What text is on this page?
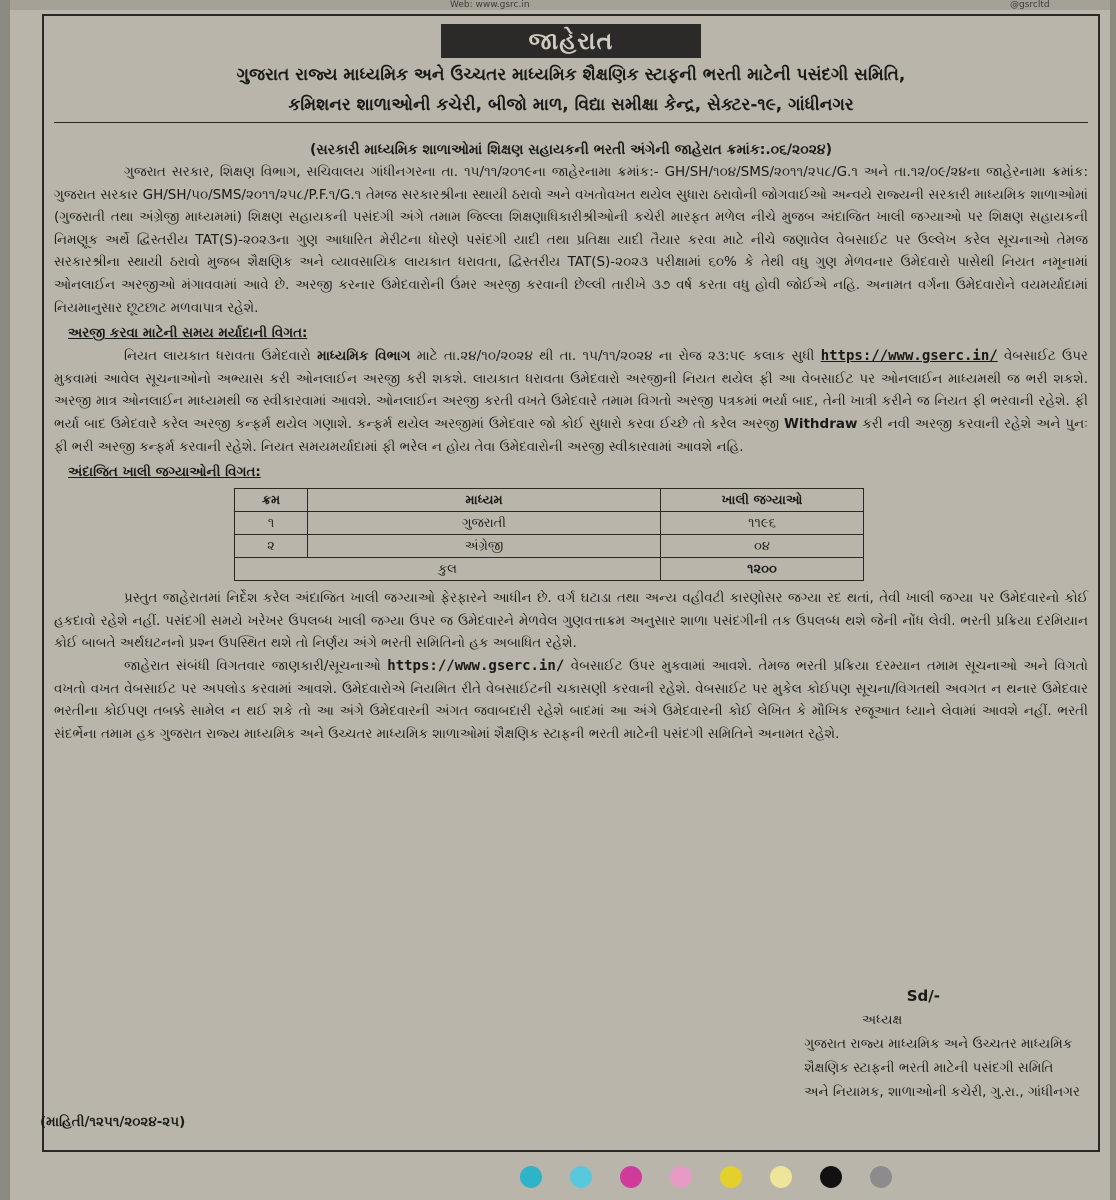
Web: www.gsrc.in	@gsrcltd
જાહેરાત
ગુજરાત રાજ્ય માધ્યમિક અને ઉચ્ચતર માધ્યમિક શૈક્ષણિક સ્ટાફની ભરતી માટેની પસંદગી સમિતિ,
કમિશનર શાળાઓની કચેરી, બીજો માળ, વિદ્યા સમીક્ષા કેન્દ્ર, સેક્ટર-૧૯, ગાંધીનગર
(સરકારી માધ્યમિક શાળાઓમાં શિક્ષણ સહાયકની ભરતી અંગેની જાહેરાત ક્રમાંક:.૦૬/૨૦૨૪)

ગુજરાત સરકાર, શિક્ષણ વિભાગ, સચિવાલય ગાંધીનગરના તા. ૧૫/૧૧/૨૦૧૯ના જાહેરનામા ક્રમાંક:- GH/SH/૧૦૪/SMS/૨૦૧૧/૨૫૮/G.૧ અને તા.૧૨/૦૯/૨૪ના જાહેરનામા ક્રમાંક: ગુજરાત સરકાર GH/SH/૫૦/SMS/૨૦૧૧/૨૫૮/P.F.૧/G.૧ તેમજ સરકારશ્રીના સ્થાયી ઠરાવો અને વખતોવખત થયેલ સુધારા ઠરાવોની જોગવાઈઓ અન્વયે રાજ્યની સરકારી માધ્યમિક શાળાઓમાં (ગુજરાતી તથા અંગ્રેજી માધ્યમમાં) શિક્ષણ સહાયકની પસંદગી અંગે તમામ જિલ્લા શિક્ષણાધિકારીશ્રીઓની કચેરી મારફત મળેલ નીચે મુજબ અંદાજિત ખાલી જગ્યાઓ પર શિક્ષણ સહાયકની નિમણૂક અર્થે દ્વિસ્તરીય TAT(S)-૨૦૨૩ના ગુણ આધારિત મેરીટના ધોરણે પસંદગી યાદી તથા પ્રતિક્ષા યાદી તૈયાર કરવા માટે નીચે જણાવેલ વેબસાઈટ પર ઉલ્લેખ કરેલ સૂચનાઓ તેમજ સરકારશ્રીના સ્થાયી ઠરાવો મુજબ શૈક્ષણિક અને વ્યાવસાયિક લાયકાત ધરાવતા, દ્વિસ્તરીય TAT(S)-૨૦૨૩ પરીક્ષામાં ૬૦% કે તેથી વધુ ગુણ મેળવનાર ઉમેદવારો પાસેથી નિયત નમૂનામાં ઓનલાઈન અરજીઓ મંગાવવામાં આવે છે. અરજી કરનાર ઉમેદવારોની ઉંમર અરજી કરવાની છેલ્લી તારીખે ૩૭ વર્ષ કરતા વધુ હોવી જોઈએ નહિ. અનામત વર્ગના ઉમેદવારોને વયમર્યાદામાં નિયમાનુસાર છૂટછાટ મળવાપાત્ર રહેશે.

અરજી કરવા માટેની સમય મર્યાદાની વિગત:

નિયત લાયકાત ધરાવતા ઉમેદવારો માધ્યમિક વિભાગ માટે તા.૨૪/૧૦/૨૦૨૪ થી તા. ૧૫/૧૧/૨૦૨૪ ના રોજ ૨૩:૫૯ કલાક સુધી https://www.gserc.in/ વેબસાઈટ ઉપર મુકવામાં આવેલ સૂચનાઓનો અભ્યાસ કરી ઓનલાઈન અરજી કરી શકશે. લાયકાત ધરાવતા ઉમેદવારો અરજીની નિયત થયેલ ફી આ વેબસાઈટ પર ઓનલાઈન માધ્યમથી જ ભરી શકશે. અરજી માત્ર ઓનલાઈન માધ્યમથી જ સ્વીકારવામાં આવશે. ઓનલાઈન અરજી કરતી વખતે ઉમેદવારે તમામ વિગતો અરજી પત્રકમાં ભર્યા બાદ, તેની ખાત્રી કરીને જ નિયત ફી ભરવાની રહેશે. ફી ભર્યા બાદ ઉમેદવારે કરેલ અરજી કન્ફર્મ થયેલ ગણાશે. કન્ફર્મ થયેલ અરજીમાં ઉમેદવાર જો કોઈ સુધારો કરવા ઈચ્છે તો કરેલ અરજી Withdraw કરી નવી અરજી કરવાની રહેશે અને પુનઃ ફી ભરી અરજી કન્ફર્મ કરવાની રહેશે. નિયત સમયમર્યાદામાં ફી ભરેલ ન હોય તેવા ઉમેદવારોની અરજી સ્વીકારવામાં આવશે નહિ.

અંદાજિત ખાલી જગ્યાઓની વિગત:
ક્રમ	માધ્યમ	ખાલી જગ્યાઓ
૧	ગુજરાતી	૧૧૯૬
૨	અંગ્રેજી	૦૪
કુલ		૧૨૦૦

પ્રસ્તુત જાહેરાતમાં નિર્દેશ કરેલ અંદાજિત ખાલી જગ્યાઓ ફેરફારને આધીન છે. વર્ગ ઘટાડા તથા અન્ય વહીવટી કારણોસર જગ્યા રદ થતાં, તેવી ખાલી જગ્યા પર ઉમેદવારનો કોઈ હકદાવો રહેશે નહીં. પસંદગી સમયે ખરેખર ઉપલબ્ધ ખાલી જગ્યા ઉપર જ ઉમેદવારને મેળવેલ ગુણવત્તાક્રમ અનુસાર શાળા પસંદગીની તક ઉપલબ્ધ થશે જેની નોંધ લેવી. ભરતી પ્રક્રિયા દરમિયાન કોઈ બાબતે અર્થઘટનનો પ્રશ્ન ઉપસ્થિત થશે તો નિર્ણય અંગે ભરતી સમિતિનો હક અબાધિત રહેશે.

જાહેરાત સંબંધી વિગતવાર જાણકારી/સૂચનાઓ https://www.gserc.in/ વેબસાઈટ ઉપર મુકવામાં આવશે. તેમજ ભરતી પ્રક્રિયા દરમ્યાન તમામ સૂચનાઓ અને વિગતો વખતો વખત વેબસાઈટ પર અપલોડ કરવામાં આવશે. ઉમેદવારોએ નિયમિત રીતે વેબસાઈટની ચકાસણી કરવાની રહેશે. વેબસાઈટ પર મુકેલ કોઈપણ સૂચના/વિગતથી અવગત ન થનાર ઉમેદવાર ભરતીના કોઈપણ તબક્કે સામેલ ન થઈ શકે તો આ અંગે ઉમેદવારની અંગત જવાબદારી રહેશે બાદમાં આ અંગે ઉમેદવારની કોઈ લેખિત કે મૌખિક રજૂઆત ધ્યાને લેવામાં આવશે નહીં. ભરતી સંદર્ભેના તમામ હક ગુજરાત રાજ્ય માધ્યમિક અને ઉચ્ચતર માધ્યમિક શાળાઓમાં શૈક્ષણિક સ્ટાફની ભરતી માટેની પસંદગી સમિતિને અનામત રહેશે.

Sd/-
અધ્યક્ષ
ગુજરાત રાજ્ય માધ્યમિક અને ઉચ્ચતર માધ્યમિક
શૈક્ષણિક સ્ટાફની ભરતી માટેની પસંદગી સમિતિ
અને નિયામક, શાળાઓની કચેરી, ગુ.રા., ગાંધીનગર
(માહિતી/૧૨૫૧/૨૦૨૪-૨૫)
